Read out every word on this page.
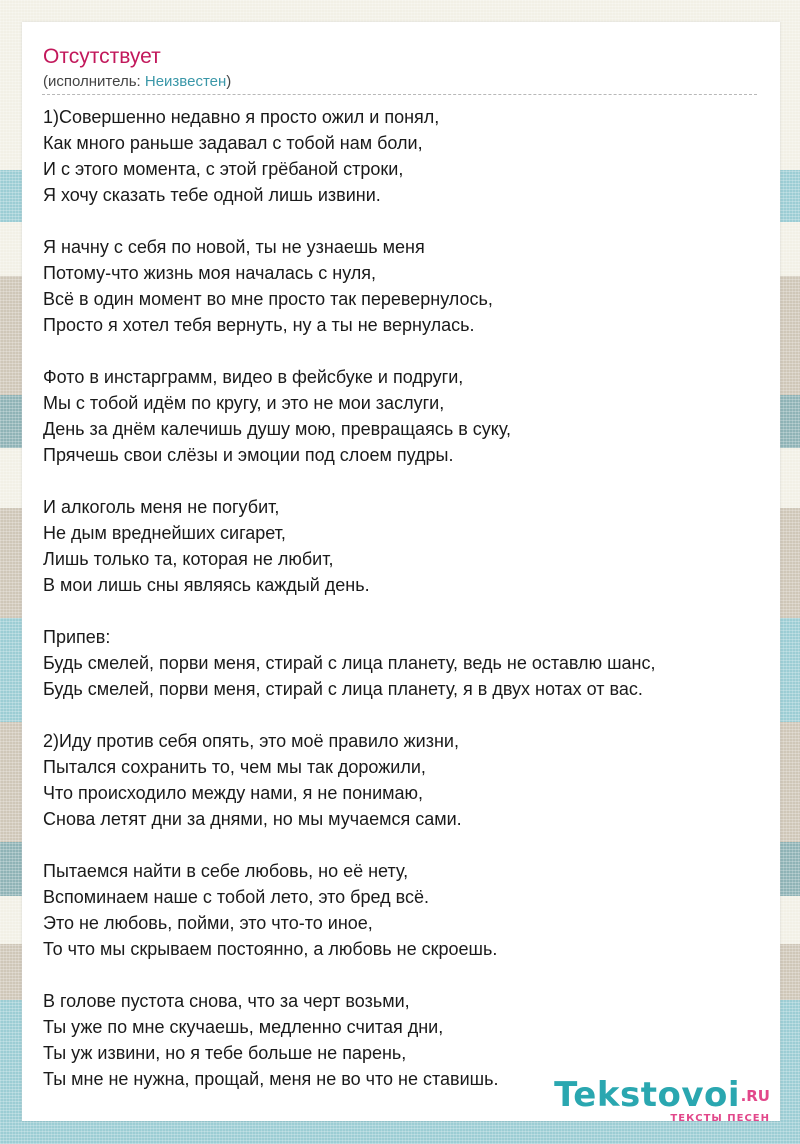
Отсутствует
(исполнитель: Неизвестен)
1)Совершенно недавно я просто ожил и понял,
Как много раньше задавал с тобой нам боли,
И с этого момента, с этой грёбаной строки,
Я хочу сказать тебе одной лишь извини.
Я начну с себя по новой, ты не узнаешь меня
Потому-что жизнь моя началась с нуля,
Всё в один момент во мне просто так перевернулось,
Просто я хотел тебя вернуть, ну а ты не вернулась.
Фото в инстарграмм, видео в фейсбуке и подруги,
Мы с тобой идём по кругу, и это не мои заслуги,
День за днём калечишь душу мою, превращаясь в суку,
Прячешь свои слёзы и эмоции под слоем пудры.
И алкоголь меня не погубит,
Не дым вреднейших сигарет,
Лишь только та, которая не любит,
В мои лишь сны являясь каждый день.
Припев:
Будь смелей, порви меня, стирай с лица планету, ведь не оставлю шанс,
Будь смелей, порви меня, стирай с лица планету, я в двух нотах от вас.
2)Иду против себя опять, это моё правило жизни,
Пытался сохранить то, чем мы так дорожили,
Что происходило между нами, я не понимаю,
Снова летят дни за днями, но мы мучаемся сами.
Пытаемся найти в себе любовь, но её нету,
Вспоминаем наше с тобой лето, это бред всё.
Это не любовь, пойми, это что-то иное,
То что мы скрываем постоянно, а любовь не скроешь.
В голове пустота снова, что за черт возьми,
Ты уже по мне скучаешь, медленно считая дни,
Ты уж извини, но я тебе больше не парень,
Ты мне не нужна, прощай, меня не во что не ставишь.	Tekstovoi .RU
ТЕКСТЫ ПЕСЕН
